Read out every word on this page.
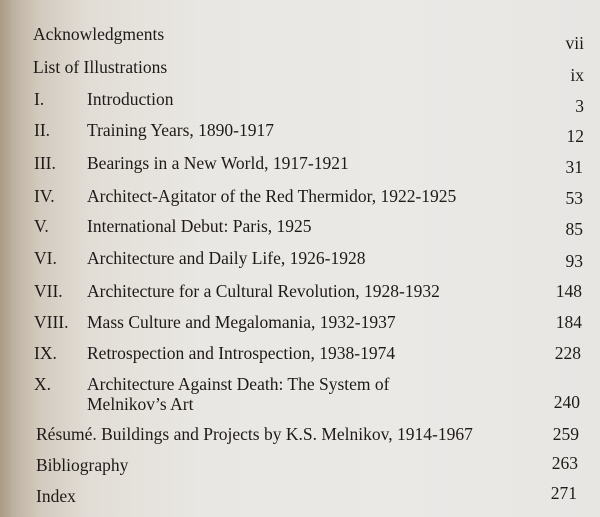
Acknowledgments	vii
List of Illustrations	ix
I. Introduction	3
II. Training Years, 1890-1917	12
III. Bearings in a New World, 1917-1921	31
IV. Architect-Agitator of the Red Thermidor, 1922-1925	53
V. International Debut: Paris, 1925	85
VI. Architecture and Daily Life, 1926-1928	93
VII. Architecture for a Cultural Revolution, 1928-1932	148
VIII. Mass Culture and Megalomania, 1932-1937	184
IX. Retrospection and Introspection, 1938-1974	228
X. Architecture Against Death: The System of
Melnikov’s Art	240
Résumé. Buildings and Projects by K.S. Melnikov, 1914-1967	259
Bibliography	263
Index	271
